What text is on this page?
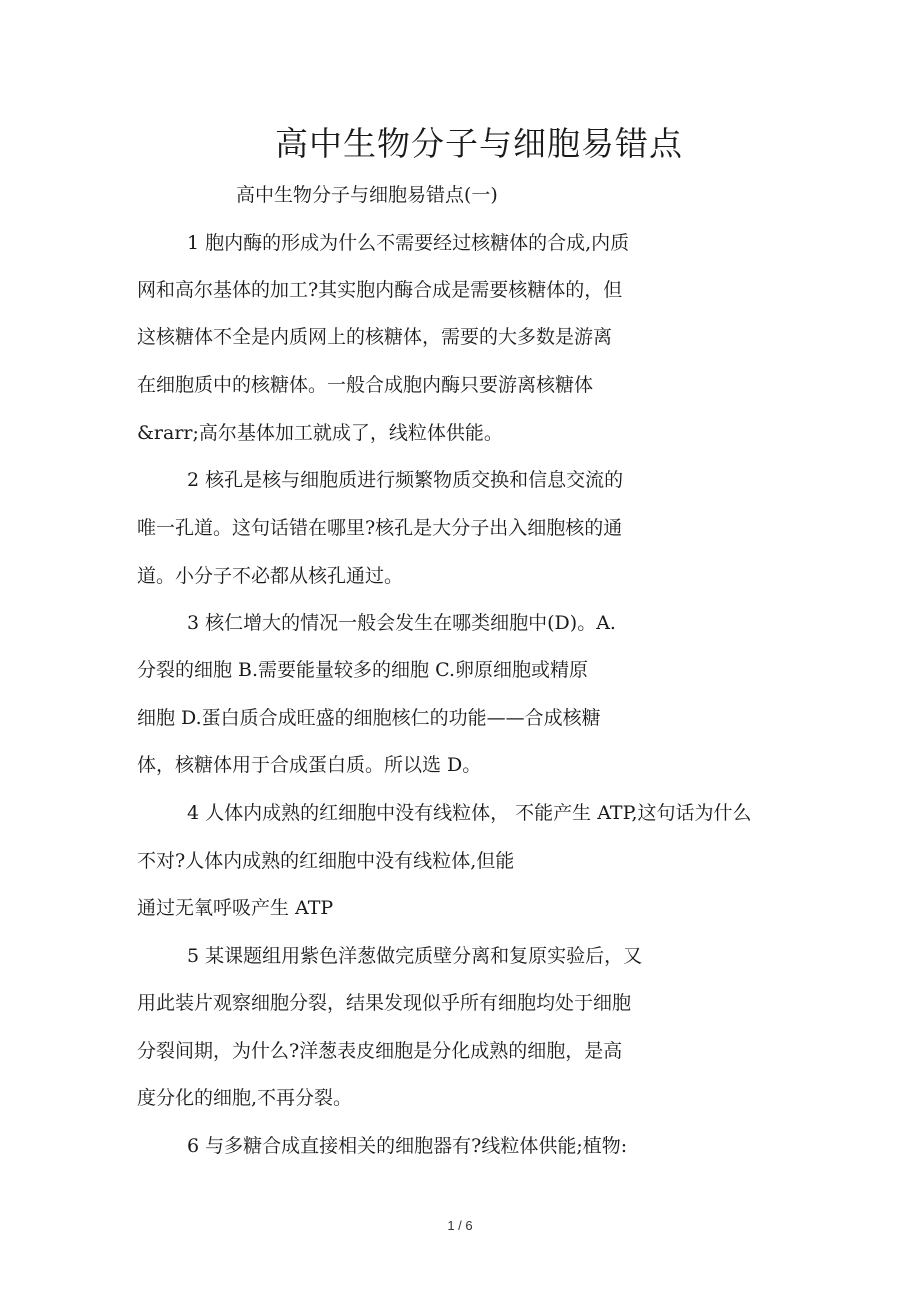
高中生物分子与细胞易错点
高中生物分子与细胞易错点(一)
1 胞内酶的形成为什么不需要经过核糖体的合成,内质
网和高尔基体的加工?其实胞内酶合成是需要核糖体的，但
这核糖体不全是内质网上的核糖体，需要的大多数是游离
在细胞质中的核糖体。一般合成胞内酶只要游离核糖体
&rarr;高尔基体加工就成了，线粒体供能。
2 核孔是核与细胞质进行频繁物质交换和信息交流的
唯一孔道。这句话错在哪里?核孔是大分子出入细胞核的通
道。小分子不必都从核孔通过。
3 核仁增大的情况一般会发生在哪类细胞中(D)。A.
分裂的细胞 B.需要能量较多的细胞 C.卵原细胞或精原
细胞 D.蛋白质合成旺盛的细胞核仁的功能——合成核糖
体，核糖体用于合成蛋白质。所以选 D。
4 人体内成熟的红细胞中没有线粒体， 不能产生 ATP,这句话为什么
不对?人体内成熟的红细胞中没有线粒体,但能
通过无氧呼吸产生 ATP
5 某课题组用紫色洋葱做完质壁分离和复原实验后，又
用此装片观察细胞分裂，结果发现似乎所有细胞均处于细胞
分裂间期，为什么?洋葱表皮细胞是分化成熟的细胞，是高
度分化的细胞,不再分裂。
6 与多糖合成直接相关的细胞器有?线粒体供能;植物:
1 / 6
